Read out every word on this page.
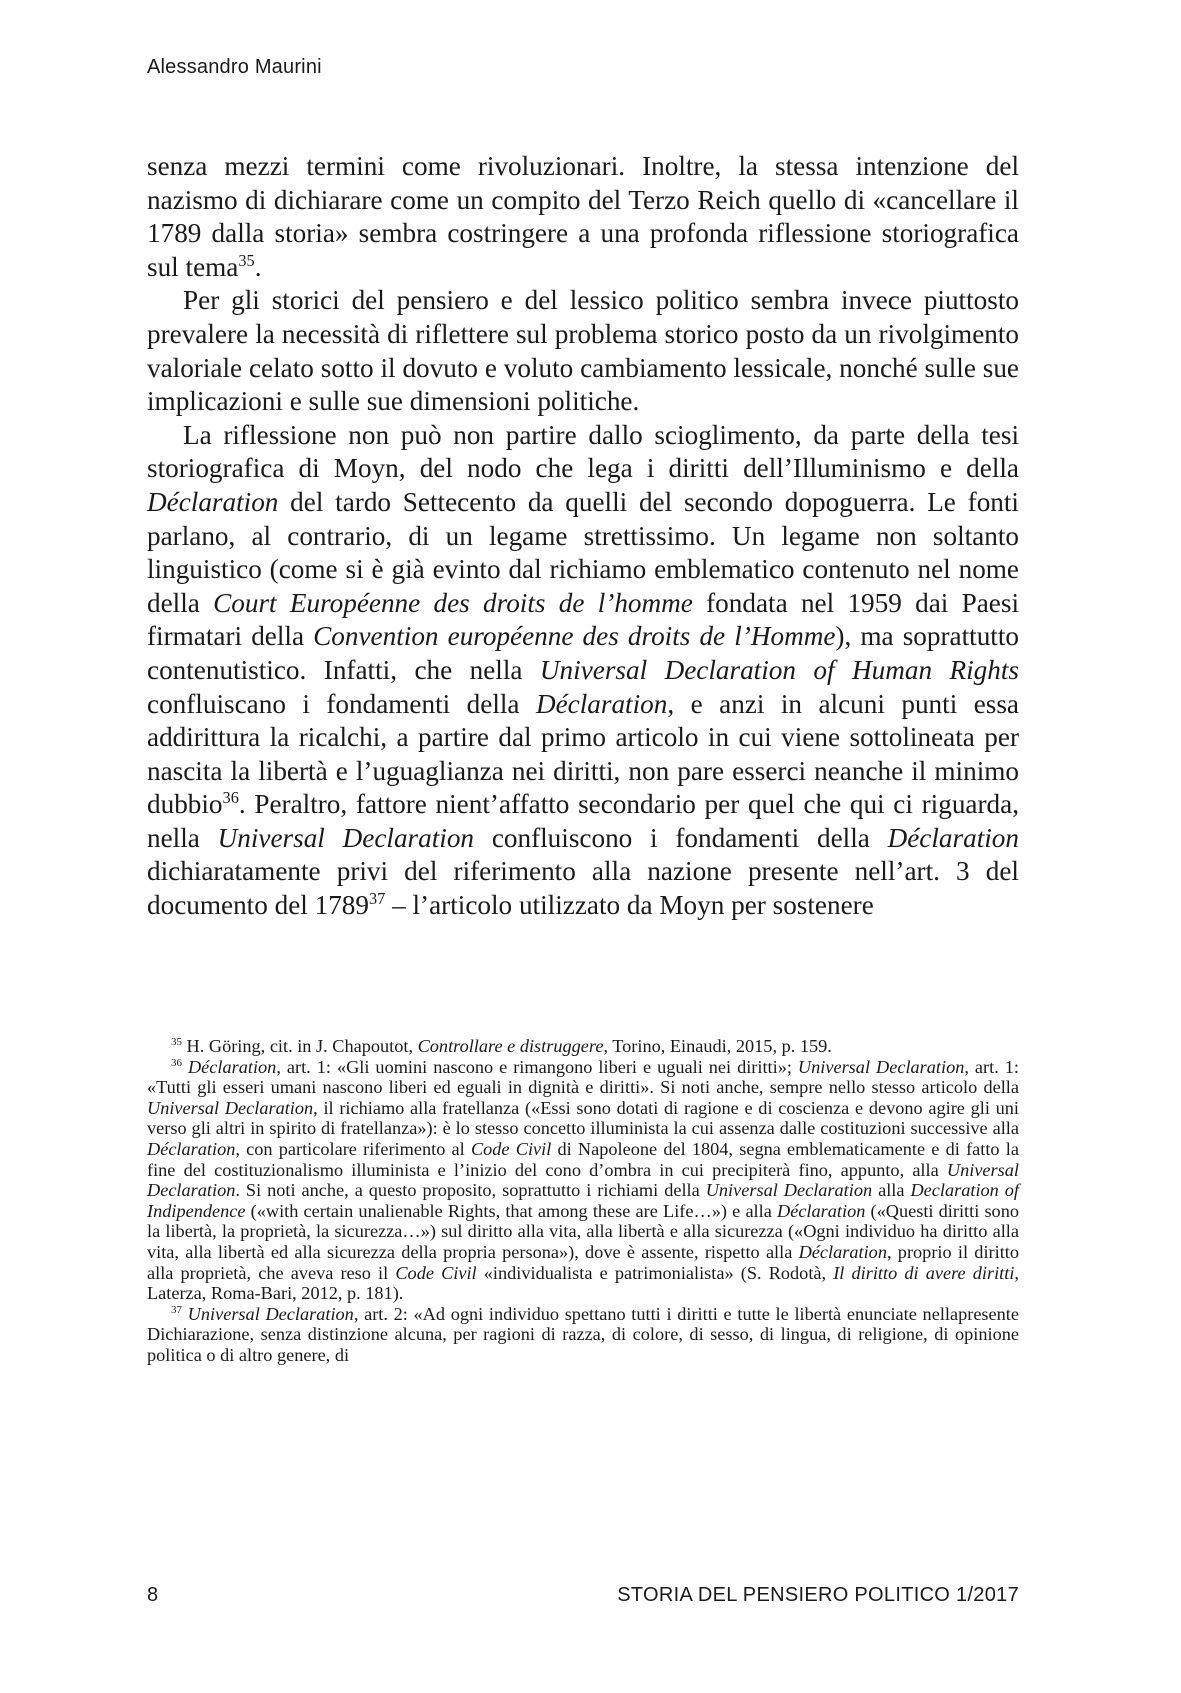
Alessandro Maurini

senza mezzi termini come rivoluzionari. Inoltre, la stessa intenzione del nazismo di dichiarare come un compito del Terzo Reich quello di «cancellare il 1789 dalla storia» sembra costringere a una profonda riflessione storiografica sul tema$^{35}$.

Per gli storici del pensiero e del lessico politico sembra invece piuttosto prevalere la necessità di riflettere sul problema storico posto da un rivolgimento valoriale celato sotto il dovuto e voluto cambiamento lessicale, nonché sulle sue implicazioni e sulle sue dimensioni politiche.

La riflessione non può non partire dallo scioglimento, da parte della tesi storiografica di Moyn, del nodo che lega i diritti dell’Illuminismo e della Déclaration del tardo Settecento da quelli del secondo dopoguerra. Le fonti parlano, al contrario, di un legame strettissimo. Un legame non soltanto linguistico (come si è già evinto dal richiamo emblematico contenuto nel nome della Court Européenne des droits de l’homme fondata nel 1959 dai Paesi firmatari della Convention européenne des droits de l’Homme), ma soprattutto contenutistico. Infatti, che nella Universal Declaration of Human Rights confluiscano i fondamenti della Déclaration, e anzi in alcuni punti essa addirittura la ricalchi, a partire dal primo articolo in cui viene sottolineata per nascita la libertà e l’uguaglianza nei diritti, non pare esserci neanche il minimo dubbio$^{36}$. Peraltro, fattore nient’affatto secondario per quel che qui ci riguarda, nella Universal Declaration confluiscono i fondamenti della Déclaration dichiaratamente privi del riferimento alla nazione presente nell’art. 3 del documento del 1789$^{37}$ – l’articolo utilizzato da Moyn per sostenere

$^{35}$ H. Göring, cit. in J. Chapoutot, Controllare e distruggere, Torino, Einaudi, 2015, p. 159.

$^{36}$ Déclaration, art. 1: «Gli uomini nascono e rimangono liberi e uguali nei diritti»; Universal Declaration, art. 1: «Tutti gli esseri umani nascono liberi ed eguali in dignità e diritti». Si noti anche, sempre nello stesso articolo della Universal Declaration, il richiamo alla fratellanza («Essi sono dotati di ragione e di coscienza e devono agire gli uni verso gli altri in spirito di fratellanza»): è lo stesso concetto illuminista la cui assenza dalle costituzioni successive alla Déclaration, con particolare riferimento al Code Civil di Napoleone del 1804, segna emblematicamente e di fatto la fine del costituzionalismo illuminista e l’inizio del cono d’ombra in cui precipiterà fino, appunto, alla Universal Declaration. Si noti anche, a questo proposito, soprattutto i richiami della Universal Declaration alla Declaration of Indipendence («with certain unalienable Rights, that among these are Life…») e alla Déclaration («Questi diritti sono la libertà, la proprietà, la sicurezza…») sul diritto alla vita, alla libertà e alla sicurezza («Ogni individuo ha diritto alla vita, alla libertà ed alla sicurezza della propria persona»), dove è assente, rispetto alla Déclaration, proprio il diritto alla proprietà, che aveva reso il Code Civil «individualista e patrimonialista» (S. Rodotà, Il diritto di avere diritti, Laterza, Roma-Bari, 2012, p. 181).

$^{37}$ Universal Declaration, art. 2: «Ad ogni individuo spettano tutti i diritti e tutte le libertà enunciate nellapresente Dichiarazione, senza distinzione alcuna, per ragioni di razza, di colore, di sesso, di lingua, di religione, di opinione politica o di altro genere, di

8	STORIA DEL PENSIERO POLITICO 1/2017
